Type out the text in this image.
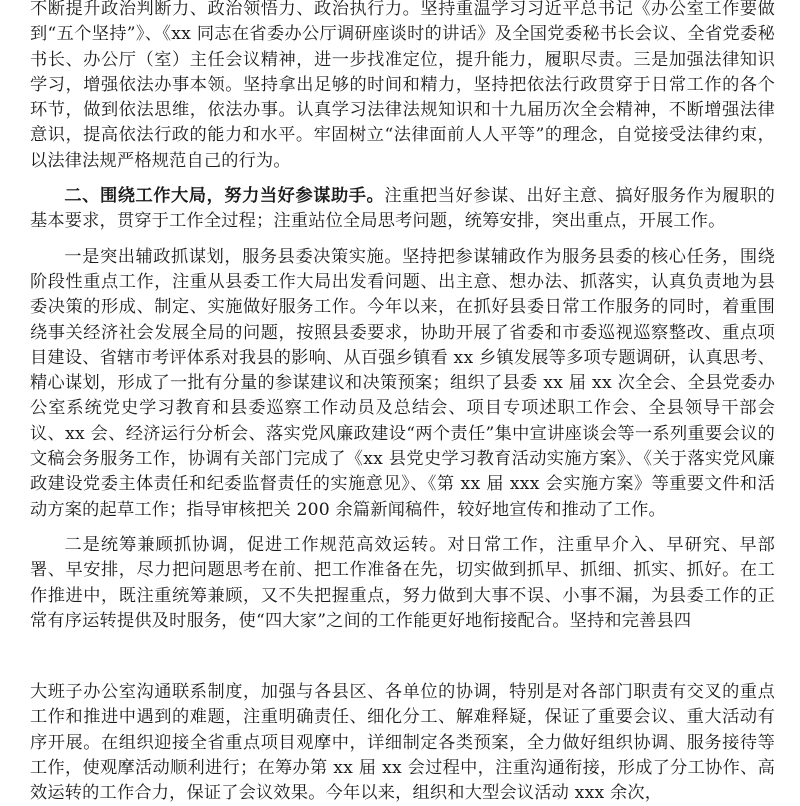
不断提升政治判断力、政治领悟力、政治执行力。坚持重温学习习近平总书记《办公室工作要做到“五个坚持”》、《xx 同志在省委办公厅调研座谈时的讲话》及全国党委秘书长会议、全省党委秘书长、办公厅（室）主任会议精神，进一步找准定位，提升能力，履职尽责。三是加强法律知识学习，增强依法办事本领。坚持拿出足够的时间和精力，坚持把依法行政贯穿于日常工作的各个环节，做到依法思维，依法办事。认真学习法律法规知识和十九届历次全会精神，不断增强法律意识，提高依法行政的能力和水平。牢固树立“法律面前人人平等”的理念，自觉接受法律约束，以法律法规严格规范自己的行为。

二、围绕工作大局，努力当好参谋助手。注重把当好参谋、出好主意、搞好服务作为履职的基本要求，贯穿于工作全过程；注重站位全局思考问题，统筹安排，突出重点，开展工作。

一是突出辅政抓谋划，服务县委决策实施。坚持把参谋辅政作为服务县委的核心任务，围绕阶段性重点工作，注重从县委工作大局出发看问题、出主意、想办法、抓落实，认真负责地为县委决策的形成、制定、实施做好服务工作。今年以来，在抓好县委日常工作服务的同时，着重围绕事关经济社会发展全局的问题，按照县委要求，协助开展了省委和市委巡视巡察整改、重点项目建设、省辖市考评体系对我县的影响、从百强乡镇看 xx 乡镇发展等多项专题调研，认真思考、精心谋划，形成了一批有分量的参谋建议和决策预案；组织了县委 xx 届 xx 次全会、全县党委办公室系统党史学习教育和县委巡察工作动员及总结会、项目专项述职工作会、全县领导干部会议、xx 会、经济运行分析会、落实党风廉政建设“两个责任”集中宣讲座谈会等一系列重要会议的文稿会务服务工作，协调有关部门完成了《xx 县党史学习教育活动实施方案》、《关于落实党风廉政建设党委主体责任和纪委监督责任的实施意见》、《第 xx 届 xxx 会实施方案》等重要文件和活动方案的起草工作；指导审核把关 200 余篇新闻稿件，较好地宣传和推动了工作。

二是统筹兼顾抓协调，促进工作规范高效运转。对日常工作，注重早介入、早研究、早部署、早安排，尽力把问题思考在前、把工作准备在先，切实做到抓早、抓细、抓实、抓好。在工作推进中，既注重统筹兼顾，又不失把握重点，努力做到大事不误、小事不漏，为县委工作的正常有序运转提供及时服务，使“四大家”之间的工作能更好地衔接配合。坚持和完善县四

大班子办公室沟通联系制度，加强与各县区、各单位的协调，特别是对各部门职责有交叉的重点工作和推进中遇到的难题，注重明确责任、细化分工、解难释疑，保证了重要会议、重大活动有序开展。在组织迎接全省重点项目观摩中，详细制定各类预案，全力做好组织协调、服务接待等工作，使观摩活动顺利进行；在筹办第 xx 届 xx 会过程中，注重沟通衔接，形成了分工协作、高效运转的工作合力，保证了会议效果。今年以来，组织和大型会议活动 xxx 余次，
